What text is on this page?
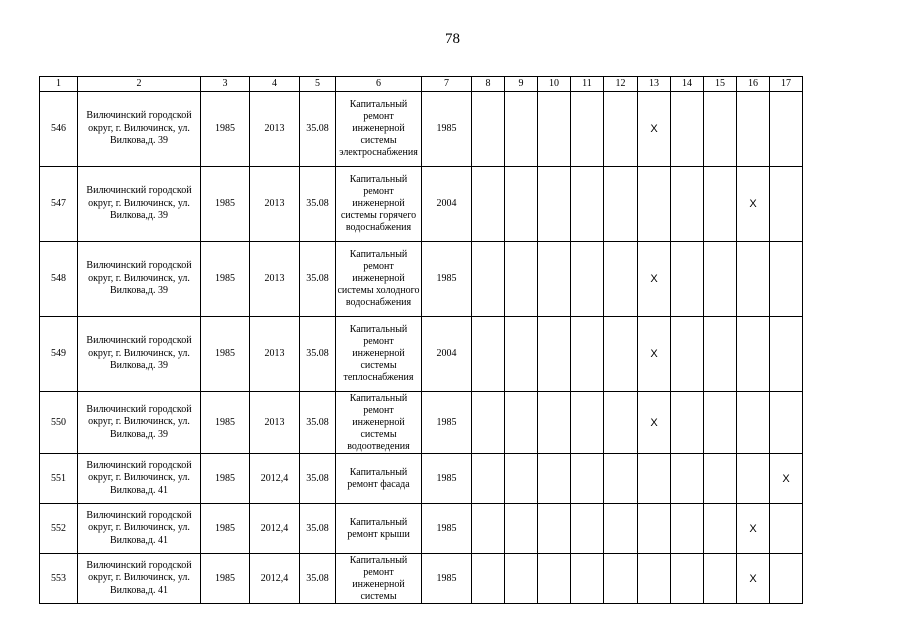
78
1	2	3	4	5	6	7	8	9	10	11	12	13	14	15	16	17
546	Вилючинский городской округ, г. Вилючинск, ул. Вилкова,д. 39	1985	2013	35.08	Капитальный ремонт инженерной системы электроснабжения	1985						X				
547	Вилючинский городской округ, г. Вилючинск, ул. Вилкова,д. 39	1985	2013	35.08	Капитальный ремонт инженерной системы горячего водоснабжения	2004									X	
548	Вилючинский городской округ, г. Вилючинск, ул. Вилкова,д. 39	1985	2013	35.08	Капитальный ремонт инженерной системы холодного водоснабжения	1985						X				
549	Вилючинский городской округ, г. Вилючинск, ул. Вилкова,д. 39	1985	2013	35.08	Капитальный ремонт инженерной системы теплоснабжения	2004						X				
550	Вилючинский городской округ, г. Вилючинск, ул. Вилкова,д. 39	1985	2013	35.08	Капитальный ремонт инженерной системы водоотведения	1985						X				
551	Вилючинский городской округ, г. Вилючинск, ул. Вилкова,д. 41	1985	2012,4	35.08	Капитальный ремонт фасада	1985										X
552	Вилючинский городской округ, г. Вилючинск, ул. Вилкова,д. 41	1985	2012,4	35.08	Капитальный ремонт крыши	1985									X	
553	Вилючинский городской округ, г. Вилючинск, ул. Вилкова,д. 41	1985	2012,4	35.08	Капитальный ремонт инженерной системы	1985									X	
